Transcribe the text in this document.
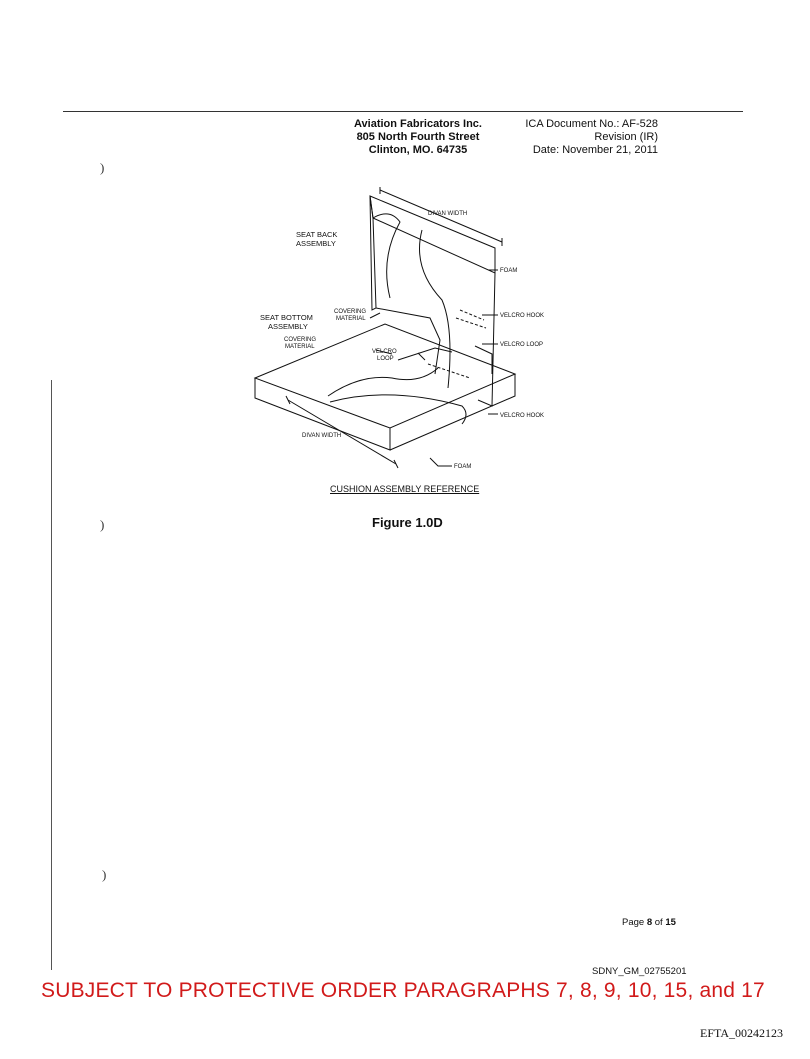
)
)
)
Aviation Fabricators Inc.
805 North Fourth Street
Clinton, MO. 64735
ICA Document No.: AF-528
Revision (IR)
Date: November 21, 2011
DIVAN WIDTH
SEAT BACK
ASSEMBLY
FOAM
SEAT BOTTOM
ASSEMBLY
COVERING
MATERIAL	VELCRO HOOK
COVERING
MATERIAL
VELCRO
LOOP
VELCRO LOOP
VELCRO HOOK
DIVAN WIDTH
FOAM
CUSHION ASSEMBLY REFERENCE
Figure 1.0D
Page 8 of 15
SDNY_GM_02755201
SUBJECT TO PROTECTIVE ORDER PARAGRAPHS 7, 8, 9, 10, 15, and 17
EFTA_00242123
